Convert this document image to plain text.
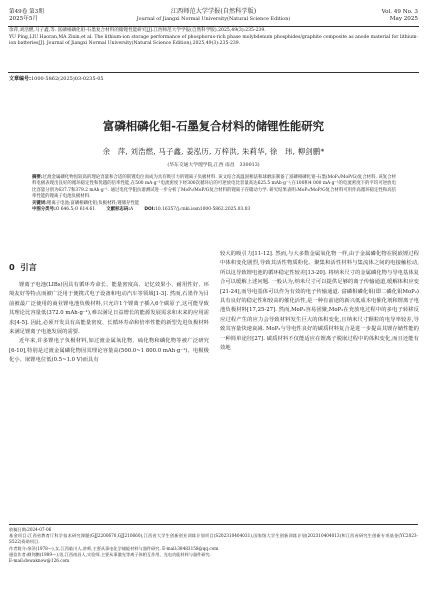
第49卷 第3期
2025年5月
江西师范大学学报(自然科学版)
Journal of Jiangxi Normal University(Natural Science Edition)
Vol. 49 No. 3
May 2025
余萍,刘浩燃,马子鑫,等. 富磷相磷化钼-石墨复合材料的储锂性能研究[J].江西师范大学学报(自然科学版),2025,49(3):235-239.
YU Ping,LIU Haoran,MA Zixin,et al. The lithium-ion storage performance of phosphorus-rich phase molybdenum phosphides/graphite composite as anode material for lithium-ion batteries[J]. Journal of Jiangxi Normal University(Natural Science Edition),2025,49(3):235-239.
文章编号:1000-5862(2025)03-0235-05
富磷相磷化钼-石墨复合材料的储锂性能研究
余　萍, 刘浩燃, 马子鑫, 姜泓历, 万梓洪, 朱莉华, 徐　玮, 柳剑鹏*
(华东交通大学理学院,江西 南昌　330013)

摘要:过渡金属磷化物因较高的理论容量和合适的嵌锂电位而成为具有吸引力的锂离子负极材料. 该文结合高温固相法和球磨法制备了富磷相磷化钼-石墨(MoP₂/MoP/G)复合材料. 该复合材料电极表现出良好的循环稳定性和优越的倍率性能,在500 mA·g⁻¹电流密度下经300次循环后的可逆放电比容量高达625.5 mAh·g⁻¹;在100和4 000 mA·g⁻¹的电流密度下的平均可逆放电比容量分别为637.7和379.2 mAh·g⁻¹. 通过电化学阻抗谱测试进一步分析了MoP₂/MoP/G复合材料的锂离子存储动力学. 研究结果表明:MoP₂/MoP/G复合材料可用作高循环稳定性和高倍率性能的锂离子电池负极材料.

关键词:锂离子电池;富磷相磷化钼;负极材料;锂储存性能

中图分类号:O 646.5;O 614.61	文献标志码:A	DOI:10.16357/j.cnki.issn1000-5862.2025.03.03

0 引言

锂离子电池(LIBs)因具有循环寿命长、能量密度高、记忆效果小、耐用性好、环境友好等特点而被广泛用于便携式电子设备和电动汽车等领域[1-3]. 然而,石墨作为目前被最广泛使用的商业锂电池负极材料,只允许1个锂离子插入6个碳原子,这可能导致其理论比容量低(372.0 mAh·g⁻¹),难以满足日益增长的能源发展需求和未来的应用需求[4-5]. 因此,必须开发具有高能量密度、长循环寿命和倍率性能的新型先进负极材料来满足锂离子电池发展的需要.

近年来,许多锂电子负极材料,如过渡金属氧化物、硫化物和磷化物等被广泛研究[6-10],特别是过渡金属磷化物因其理论容量高(500.0~1 800.0 mAh·g⁻¹)、电极极化小、嵌锂电位低(0.5~1.0 V)而具有

较大的吸引力[11-12]. 然而,与大多数金属氧化物一样,由于金属磷化物在脱嵌锂过程中体积变化剧烈,导致其活性物质粉化、聚集和活性材料与集流体之间的电接触松动,所以这导致锂电池的循环稳定性较差[13-20]. 将纳米尺寸的金属磷化物与导电基体复合可以缓解上述问题. 一般认为,纳米尺寸可以提供足够的离子传输通道,缓解体积应变[21-24],而导电基体可以作为有效的电子传输通道. 富磷相磷化钼(即二磷化钼MoP₂)具有良好的稳定性和较高的催化活性,是一种有前途的新兴低成本电催化剂和锂离子电池负极材料[17,25-27]. 然而,MoP₂容易团聚,MoP₂在充放电过程中的多电子转移反应过程产生的应力会导致材料发生巨大的体积变化,且纳米尺寸颗粒的电导率较差,导致其容量快速衰减. MoP₂与导电性良好的碳质材料复合是进一步提高其锂存储性能的一种简单途径[27]. 碳质材料不仅能适应在锂离子脱嵌过程中的体积变化,而且还能有效地

收稿日期:2024-07-06

基金项目:江西省教育厅科学技术研究课题(GJJ2200670,GJJ210660),江西省大学生创新创业训练计划项目(S202310404031),国家级大学生创新训练计划(202310404013)和江西省研究生创新专项基金(YC2023-S522)资助项目.

作者简介:余萍(1978—),女,江西临川人,讲师,主要从事电化学储能材料与器件研究. E-mail:38483158@qq.com

通信作者:柳剑鹏(1989—),男,江西南昌人,实验师,主要从事激光等离子体相互作用、光电功能材料与器件研究.

E-mail:dowaknow@126.com
